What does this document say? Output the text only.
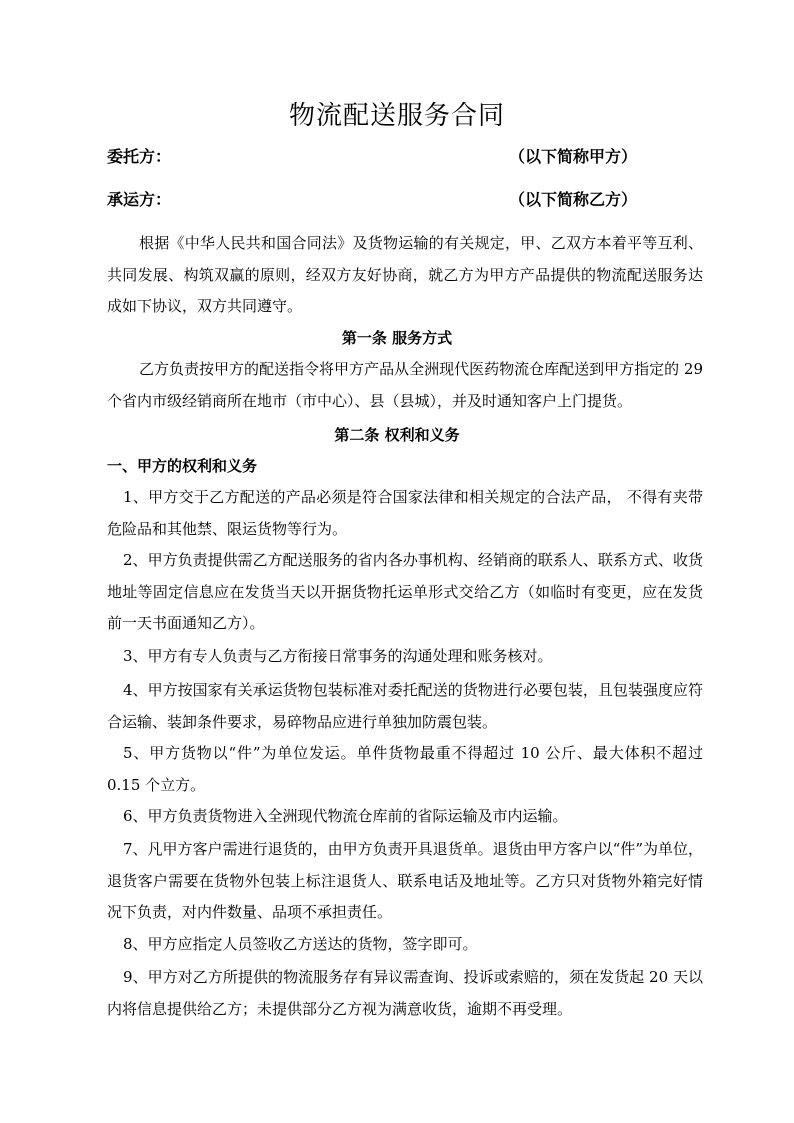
物流配送服务合同
委托方：	（以下简称甲方）
承运方：	（以下简称乙方）
根据《中华人民共和国合同法》及货物运输的有关规定，甲、乙双方本着平等互利、共同发展、构筑双赢的原则，经双方友好协商，就乙方为甲方产品提供的物流配送服务达成如下协议，双方共同遵守。
第一条 服务方式
乙方负责按甲方的配送指令将甲方产品从全洲现代医药物流仓库配送到甲方指定的 29 个省内市级经销商所在地市（市中心）、县（县城），并及时通知客户上门提货。
第二条 权利和义务
一、甲方的权利和义务
1、甲方交于乙方配送的产品必须是符合国家法律和相关规定的合法产品， 不得有夹带危险品和其他禁、限运货物等行为。
2、甲方负责提供需乙方配送服务的省内各办事机构、经销商的联系人、联系方式、收货地址等固定信息应在发货当天以开据货物托运单形式交给乙方（如临时有变更，应在发货前一天书面通知乙方）。
3、甲方有专人负责与乙方衔接日常事务的沟通处理和账务核对。
4、甲方按国家有关承运货物包装标准对委托配送的货物进行必要包装，且包装强度应符合运输、装卸条件要求，易碎物品应进行单独加防震包装。
5、甲方货物以“件”为单位发运。单件货物最重不得超过 10 公斤、最大体积不超过 0.15 个立方。
6、甲方负责货物进入全洲现代物流仓库前的省际运输及市内运输。
7、凡甲方客户需进行退货的，由甲方负责开具退货单。退货由甲方客户以“件”为单位，退货客户需要在货物外包装上标注退货人、联系电话及地址等。乙方只对货物外箱完好情况下负责，对内件数量、品项不承担责任。
8、甲方应指定人员签收乙方送达的货物，签字即可。
9、甲方对乙方所提供的物流服务存有异议需查询、投诉或索赔的，须在发货起 20 天以内将信息提供给乙方；未提供部分乙方视为满意收货，逾期不再受理。
